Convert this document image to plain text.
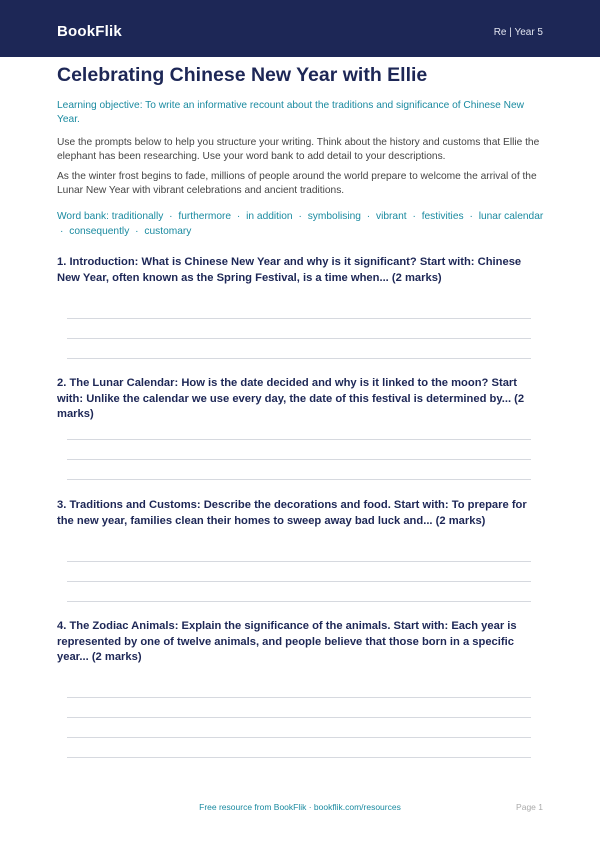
BookFlik	Re | Year 5
Celebrating Chinese New Year with Ellie

Learning objective: To write an informative recount about the traditions and significance of Chinese New Year.

Use the prompts below to help you structure your writing. Think about the history and customs that Ellie the elephant has been researching. Use your word bank to add detail to your descriptions.

As the winter frost begins to fade, millions of people around the world prepare to welcome the arrival of the Lunar New Year with vibrant celebrations and ancient traditions.

Word bank: traditionally · furthermore · in addition · symbolising · vibrant · festivities · lunar calendar · consequently · customary

1. Introduction: What is Chinese New Year and why is it significant? Start with: Chinese New Year, often known as the Spring Festival, is a time when... (2 marks)

2. The Lunar Calendar: How is the date decided and why is it linked to the moon? Start with: Unlike the calendar we use every day, the date of this festival is determined by... (2 marks)

3. Traditions and Customs: Describe the decorations and food. Start with: To prepare for the new year, families clean their homes to sweep away bad luck and... (2 marks)

4. The Zodiac Animals: Explain the significance of the animals. Start with: Each year is represented by one of twelve animals, and people believe that those born in a specific year... (2 marks)

Free resource from BookFlik · bookflik.com/resources	Page 1
